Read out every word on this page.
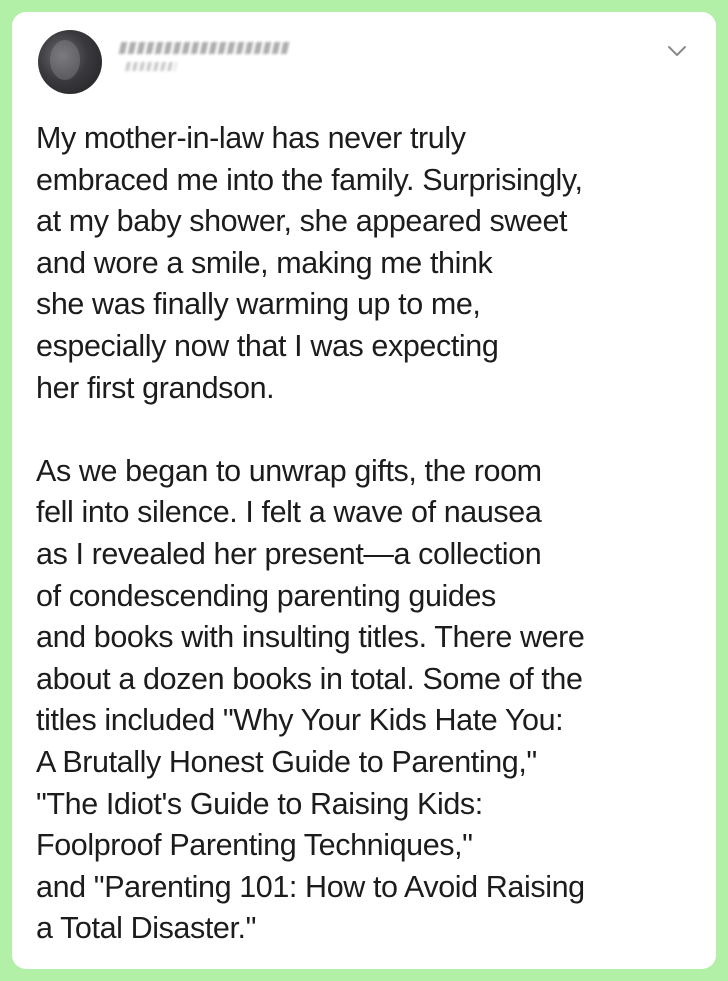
My mother-in-law has never truly
embraced me into the family. Surprisingly,
at my baby shower, she appeared sweet
and wore a smile, making me think
she was finally warming up to me,
especially now that I was expecting
her first grandson.

As we began to unwrap gifts, the room
fell into silence. I felt a wave of nausea
as I revealed her present—a collection
of condescending parenting guides
and books with insulting titles. There were
about a dozen books in total. Some of the
titles included "Why Your Kids Hate You:
A Brutally Honest Guide to Parenting,"
"The Idiot's Guide to Raising Kids:
Foolproof Parenting Techniques,"
and "Parenting 101: How to Avoid Raising
a Total Disaster."
